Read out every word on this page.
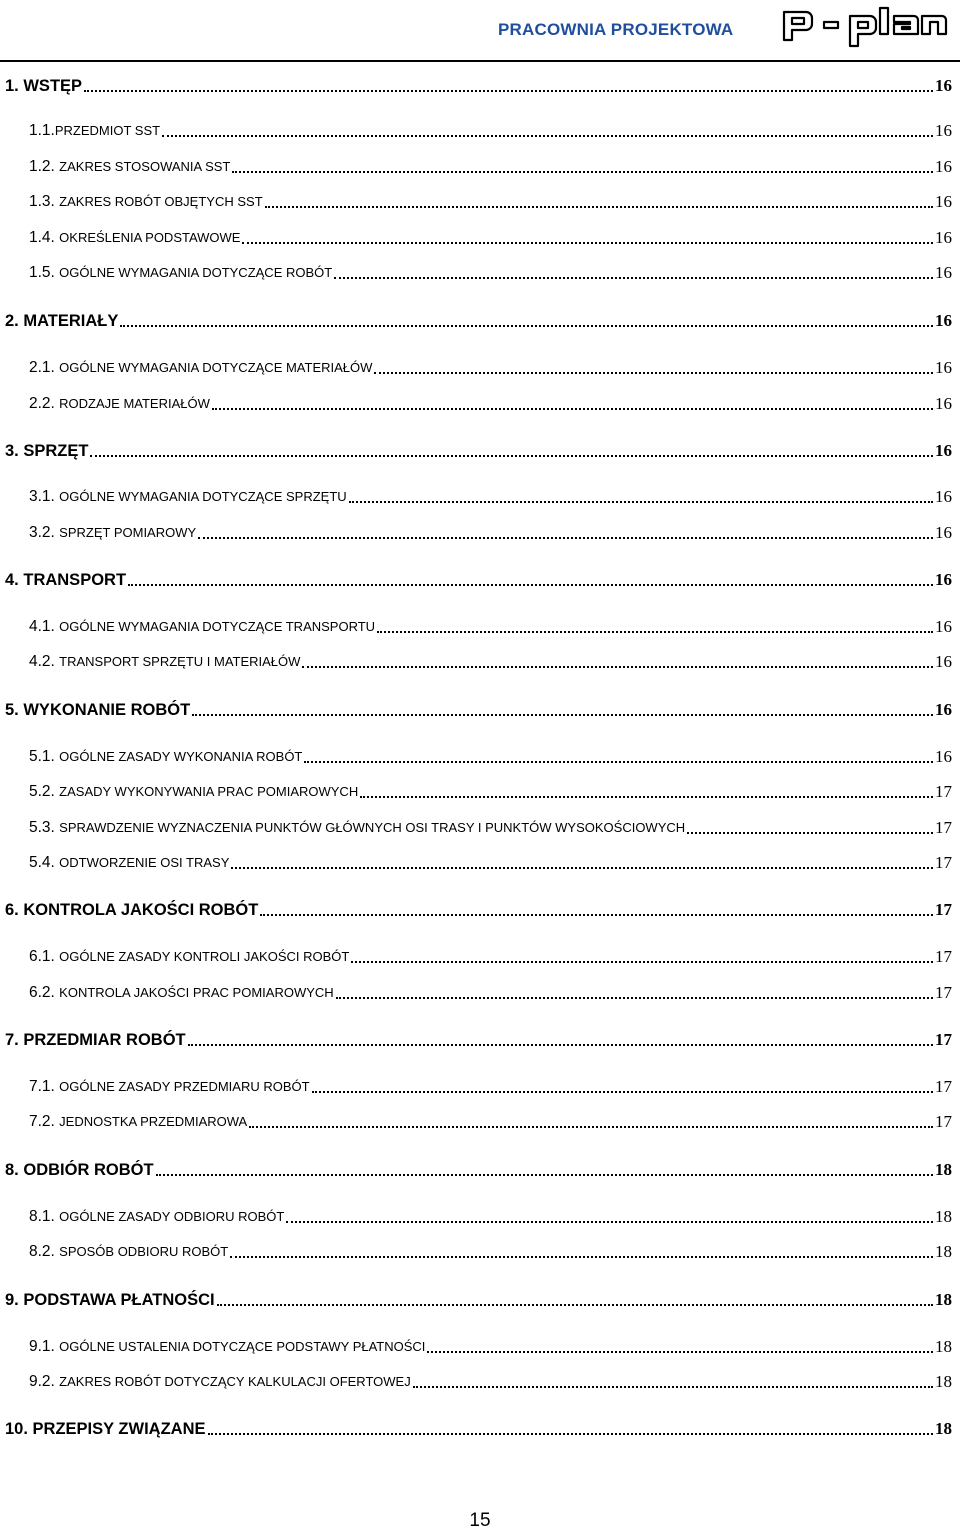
PRACOWNIA PROJEKTOWA
1. WSTĘP	16
1.1.PRZEDMIOT SST	16
1.2. ZAKRES STOSOWANIA SST	16
1.3. ZAKRES ROBÓT OBJĘTYCH SST	16
1.4. OKREŚLENIA PODSTAWOWE	16
1.5. OGÓLNE WYMAGANIA DOTYCZĄCE ROBÓT	16
2. MATERIAŁY	16
2.1. OGÓLNE WYMAGANIA DOTYCZĄCE MATERIAŁÓW	16
2.2. RODZAJE MATERIAŁÓW	16
3. SPRZĘT	16
3.1. OGÓLNE WYMAGANIA DOTYCZĄCE SPRZĘTU	16
3.2. SPRZĘT POMIAROWY	16
4. TRANSPORT	16
4.1. OGÓLNE WYMAGANIA DOTYCZĄCE TRANSPORTU	16
4.2. TRANSPORT SPRZĘTU I MATERIAŁÓW	16
5. WYKONANIE ROBÓT	16
5.1. OGÓLNE ZASADY WYKONANIA ROBÓT	16
5.2. ZASADY WYKONYWANIA PRAC POMIAROWYCH	17
5.3. SPRAWDZENIE WYZNACZENIA PUNKTÓW GŁÓWNYCH OSI TRASY I PUNKTÓW WYSOKOŚCIOWYCH	17
5.4. ODTWORZENIE OSI TRASY	17
6. KONTROLA JAKOŚCI ROBÓT	17
6.1. OGÓLNE ZASADY KONTROLI JAKOŚCI ROBÓT	17
6.2. KONTROLA JAKOŚCI PRAC POMIAROWYCH	17
7. PRZEDMIAR ROBÓT	17
7.1. OGÓLNE ZASADY PRZEDMIARU ROBÓT	17
7.2. JEDNOSTKA PRZEDMIAROWA	17
8. ODBIÓR ROBÓT	18
8.1. OGÓLNE ZASADY ODBIORU ROBÓT	18
8.2. SPOSÓB ODBIORU ROBÓT	18
9. PODSTAWA PŁATNOŚCI	18
9.1. OGÓLNE USTALENIA DOTYCZĄCE PODSTAWY PŁATNOŚCI	18
9.2. ZAKRES ROBÓT DOTYCZĄCY KALKULACJI OFERTOWEJ	18
10. PRZEPISY ZWIĄZANE	18
15
